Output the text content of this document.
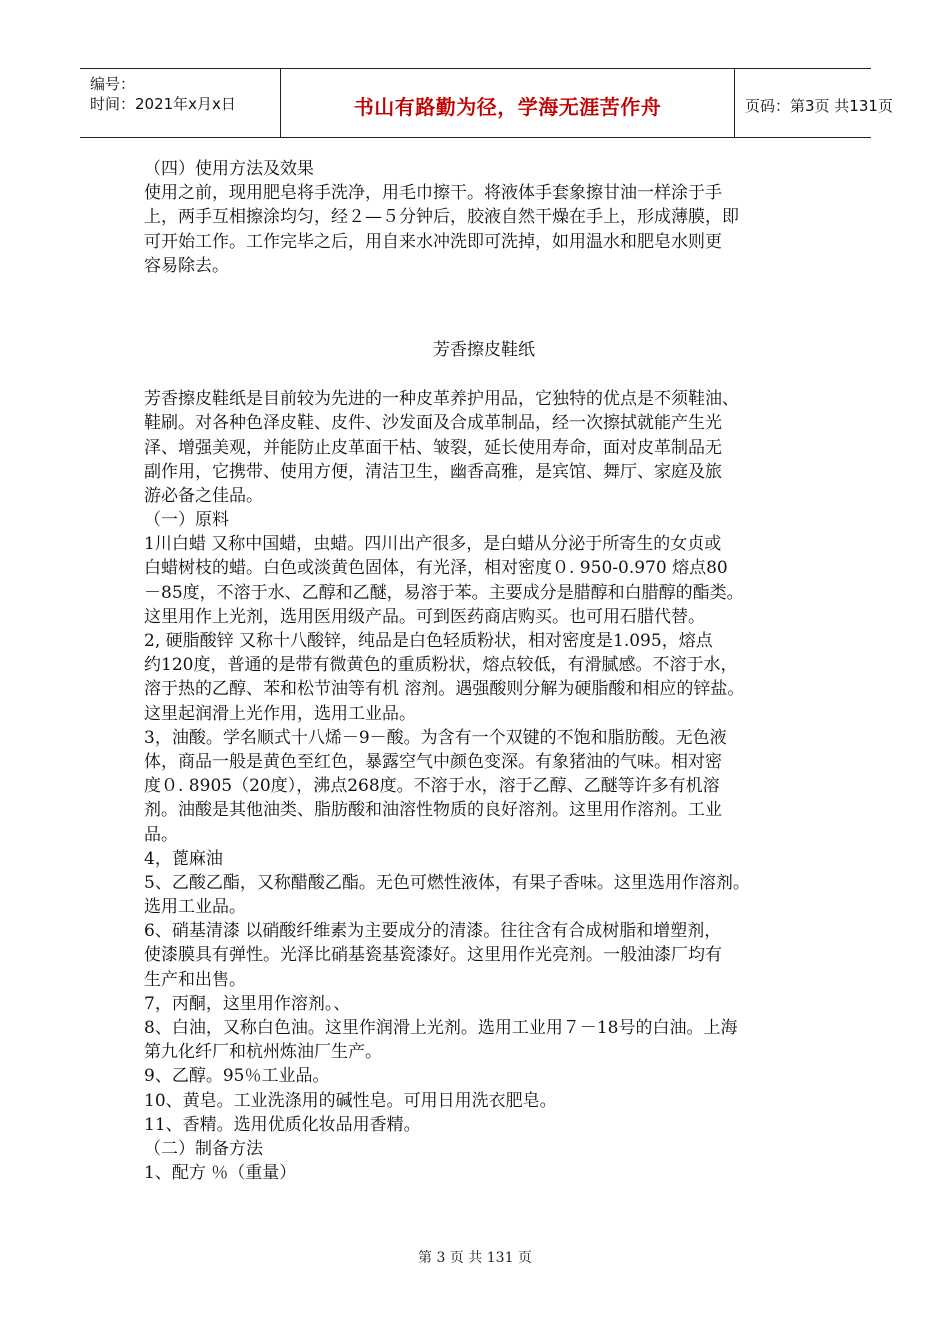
编号：
时间：2021年x月x日	书山有路勤为径，学海无涯苦作舟	页码：第3页 共131页
（四）使用方法及效果
使用之前，现用肥皂将手洗净，用毛巾擦干。将液体手套象擦甘油一样涂于手
上，两手互相擦涂均匀，经２—５分钟后，胶液自然干燥在手上，形成薄膜，即
可开始工作。工作完毕之后，用自来水冲洗即可洗掉，如用温水和肥皂水则更
容易除去。
芳香擦皮鞋纸
芳香擦皮鞋纸是目前较为先进的一种皮革养护用品，它独特的优点是不须鞋油、
鞋刷。对各种色泽皮鞋、皮件、沙发面及合成革制品，经一次擦拭就能产生光
泽、增强美观，并能防止皮革面干枯、皱裂，延长使用寿命，面对皮革制品无
副作用，它携带、使用方便，清洁卫生，幽香高雅，是宾馆、舞厅、家庭及旅
游必备之佳品。
（一）原料
1川白蜡 又称中国蜡，虫蜡。四川出产很多，是白蜡从分泌于所寄生的女贞或
白蜡树枝的蜡。白色或淡黄色固体，有光泽，相对密度０. 950-0.970 熔点80
－85度，不溶于水、乙醇和乙醚，易溶于苯。主要成分是腊醇和白腊醇的酯类。
这里用作上光剂，选用医用级产品。可到医药商店购买。也可用石腊代替。
2, 硬脂酸锌 又称十八酸锌，纯品是白色轻质粉状，相对密度是1.095，熔点
约120度，普通的是带有微黄色的重质粉状，熔点较低，有滑腻感。不溶于水，
溶于热的乙醇、苯和松节油等有机 溶剂。遇强酸则分解为硬脂酸和相应的锌盐。
这里起润滑上光作用，选用工业品。
3，油酸。学名顺式十八烯－9－酸。为含有一个双键的不饱和脂肪酸。无色液
体，商品一般是黄色至红色，暴露空气中颜色变深。有象猪油的气味。相对密
度０. 8905（20度），沸点268度。不溶于水，溶于乙醇、乙醚等许多有机溶
剂。油酸是其他油类、脂肪酸和油溶性物质的良好溶剂。这里用作溶剂。工业
品。
4，蓖麻油
5、乙酸乙酯，又称醋酸乙酯。无色可燃性液体，有果子香味。这里选用作溶剂。
选用工业品。
6、硝基清漆 以硝酸纤维素为主要成分的清漆。往往含有合成树脂和增塑剂，
使漆膜具有弹性。光泽比硝基瓷基瓷漆好。这里用作光亮剂。一般油漆厂均有
生产和出售。
7，丙酮，这里用作溶剂。、
8、白油，又称白色油。这里作润滑上光剂。选用工业用７－18号的白油。上海
第九化纤厂和杭州炼油厂生产。
9、乙醇。95％工业品。
10、黄皂。工业洗涤用的碱性皂。可用日用洗衣肥皂。
11、香精。选用优质化妆品用香精。
（二）制备方法
1、配方 ％（重量）
第 3 页 共 131 页
